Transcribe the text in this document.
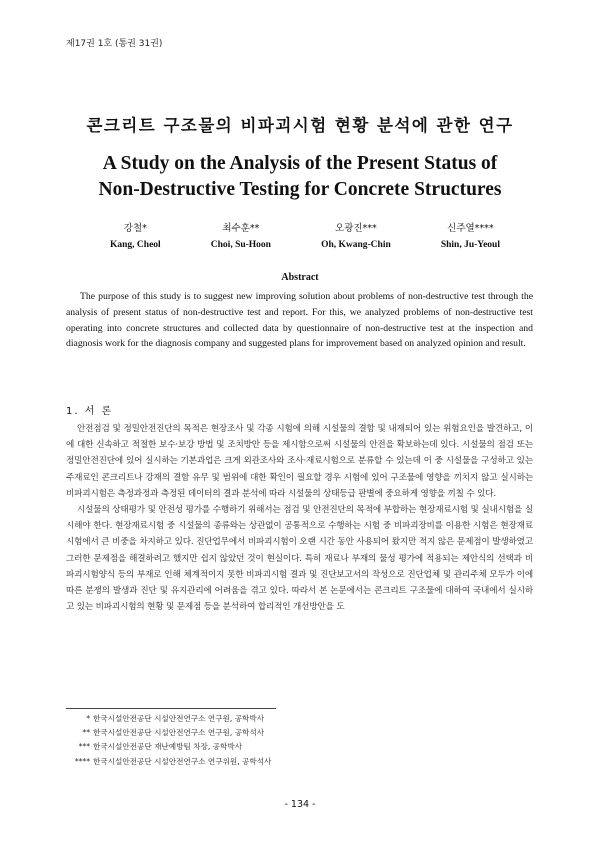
제17권 1호 (통권 31권)
콘크리트 구조물의 비파괴시험 현황 분석에 관한 연구
A Study on the Analysis of the Present Status of
Non-Destructive Testing for Concrete Structures
강철*
Kang, Cheol
최수훈**
Choi, Su-Hoon
오광진***
Oh, Kwang-Chin
신주열****
Shin, Ju-Yeoul
Abstract
The purpose of this study is to suggest new improving solution about problems of non-destructive test through the analysis of present status of non-destructive test and report. For this, we analyzed problems of non-destructive test operating into concrete structures and collected data by questionnaire of non-destructive test at the inspection and diagnosis work for the diagnosis company and suggested plans for improvement based on analyzed opinion and result.
1. 서 론

안전점검 및 정밀안전진단의 목적은 현장조사 및 각종 시험에 의해 시설물의 결함 및 내재되어 있는 위험요인을 발견하고, 이에 대한 신속하고 적절한 보수·보강 방법 및 조치방안 등을 제시함으로써 시설물의 안전을 확보하는데 있다. 시설물의 점검 또는 정밀안전진단에 있어 실시하는 기본과업은 크게 외관조사와 조사·재료시험으로 분류할 수 있는데 이 중 시설물을 구성하고 있는 주재료인 콘크리트나 강재의 결함 유무 및 범위에 대한 확인이 필요할 경우 시험에 있어 구조물에 영향을 끼치지 않고 실시하는 비파괴시험은 측정과정과 측정된 데이터의 결과 분석에 따라 시설물의 상태등급 판별에 중요하게 영향을 끼칠 수 있다.

시설물의 상태평가 및 안전성 평가를 수행하기 위해서는 점검 및 안전진단의 목적에 부합하는 현장재료시험 및 실내시험을 실시해야 한다. 현장재료시험 중 시설물의 종류와는 상관없이 공통적으로 수행하는 시험 중 비파괴장비를 이용한 시험은 현장재료시험에서 큰 비중을 차지하고 있다. 진단업무에서 비파괴시험이 오랜 시간 동안 사용되어 왔지만 적지 않은 문제점이 발생하였고 그러한 문제점을 해결하려고 했지만 쉽지 않았던 것이 현실이다. 특히 재료나 부재의 물성 평가에 적용되는 제안식의 선택과 비파괴시험양식 등의 부재로 인해 체계적이지 못한 비파괴시험 결과 및 진단보고서의 작성으로 진단업체 및 관리주체 모두가 이에 따른 분쟁의 발생과 진단 및 유지관리에 어려움을 겪고 있다. 따라서 본 논문에서는 콘크리트 구조물에 대하여 국내에서 실시하고 있는 비파괴시험의 현황 및 문제점 등을 분석하여 합리적인 개선방안을 도

* 한국시설안전공단 시설안전연구소 연구원, 공학박사
** 한국시설안전공단 시설안전연구소 연구원, 공학석사
*** 한국시설안전공단 재난예방팀 차장, 공학박사
**** 한국시설안전공단 시설안전연구소 연구위원, 공학석사
- 134 -
